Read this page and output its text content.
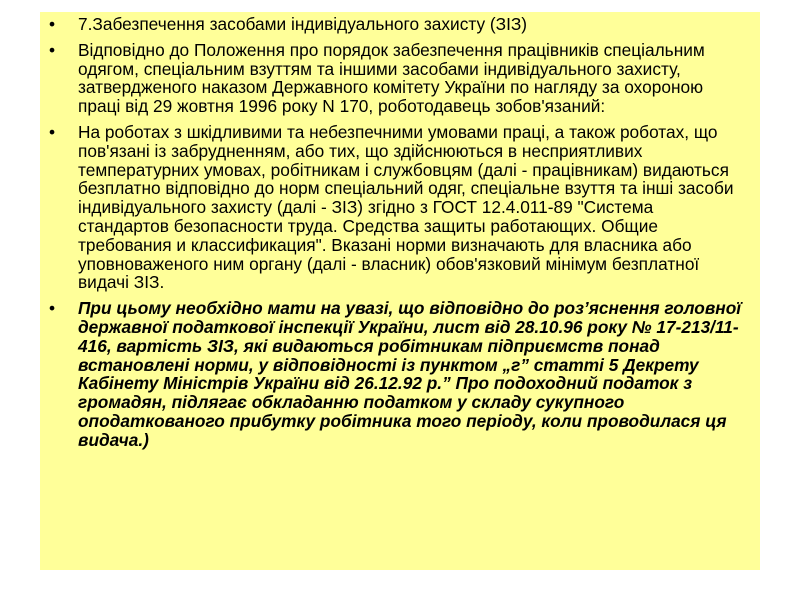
• 7.Забезпечення засобами індивідуального захисту (ЗІЗ)
• Відповідно до Положення про порядок забезпечення працівників спеціальним одягом, спеціальним взуттям та іншими засобами індивідуального захисту, затвердженого наказом Державного комітету України по нагляду за охороною праці від 29 жовтня 1996 року N 170, роботодавець зобов'язаний:
• На роботах з шкідливими та небезпечними умовами праці, а також роботах, що пов'язані із забрудненням, або тих, що здійснюються в несприятливих температурних умовах, робітникам і службовцям (далі - працівникам) видаються безплатно відповідно до норм спеціальний одяг, спеціальне взуття та інші засоби індивідуального захисту (далі - ЗІЗ) згідно з ГОСТ 12.4.011-89 "Система стандартов безопасности труда. Средства защиты работающих. Общие требования и классификация". Вказані норми визначають для власника або уповноваженого ним органу (далі - власник) обов'язковий мінімум безплатної видачі ЗІЗ.
• При цьому необхідно мати на увазі, що відповідно до роз’яснення головної державної податкової інспекції України, лист від 28.10.96 року № 17-213/11-416, вартість ЗІЗ, які видаються робітникам підприємств понад встановлені норми, у відповідності із пунктом „г” статті 5 Декрету Кабінету Міністрів України від 26.12.92 р.” Про подоходний податок з громадян, підлягає обкладанню податком у складу сукупного оподаткованого прибутку робітника того періоду, коли проводилася ця видача.)
